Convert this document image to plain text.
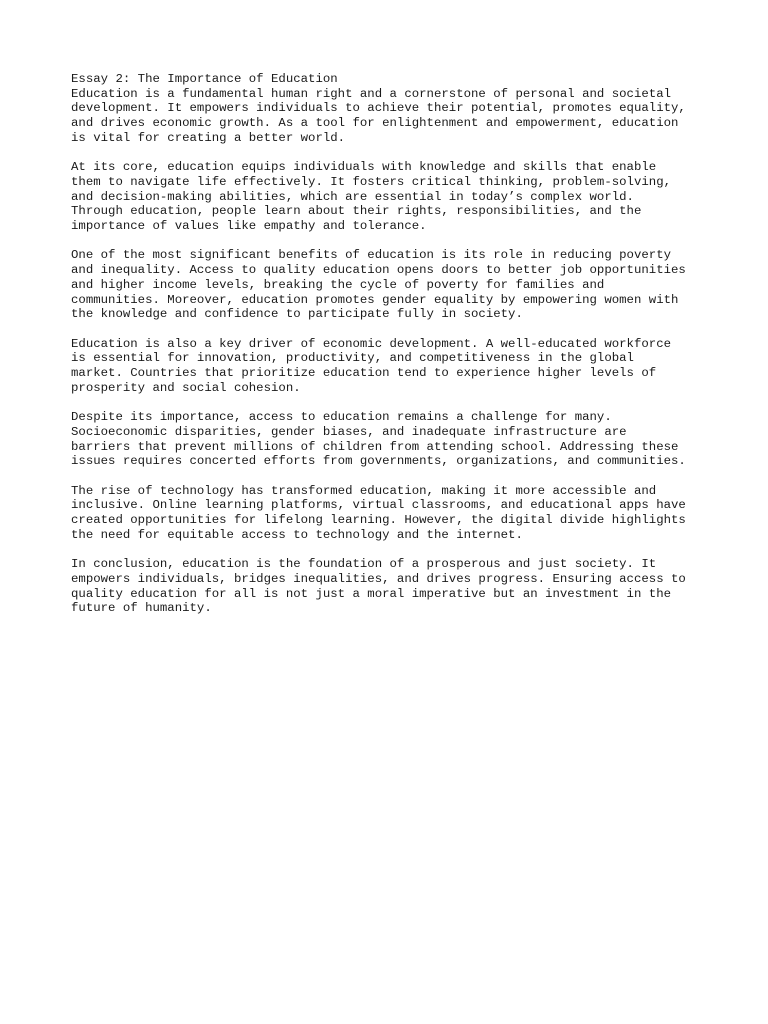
Essay 2: The Importance of Education

Education is a fundamental human right and a cornerstone of personal and societal
development. It empowers individuals to achieve their potential, promotes equality,
and drives economic growth. As a tool for enlightenment and empowerment, education
is vital for creating a better world.

At its core, education equips individuals with knowledge and skills that enable
them to navigate life effectively. It fosters critical thinking, problem-solving,
and decision-making abilities, which are essential in today’s complex world.
Through education, people learn about their rights, responsibilities, and the
importance of values like empathy and tolerance.

One of the most significant benefits of education is its role in reducing poverty
and inequality. Access to quality education opens doors to better job opportunities
and higher income levels, breaking the cycle of poverty for families and
communities. Moreover, education promotes gender equality by empowering women with
the knowledge and confidence to participate fully in society.

Education is also a key driver of economic development. A well-educated workforce
is essential for innovation, productivity, and competitiveness in the global
market. Countries that prioritize education tend to experience higher levels of
prosperity and social cohesion.

Despite its importance, access to education remains a challenge for many.
Socioeconomic disparities, gender biases, and inadequate infrastructure are
barriers that prevent millions of children from attending school. Addressing these
issues requires concerted efforts from governments, organizations, and communities.

The rise of technology has transformed education, making it more accessible and
inclusive. Online learning platforms, virtual classrooms, and educational apps have
created opportunities for lifelong learning. However, the digital divide highlights
the need for equitable access to technology and the internet.

In conclusion, education is the foundation of a prosperous and just society. It
empowers individuals, bridges inequalities, and drives progress. Ensuring access to
quality education for all is not just a moral imperative but an investment in the
future of humanity.
